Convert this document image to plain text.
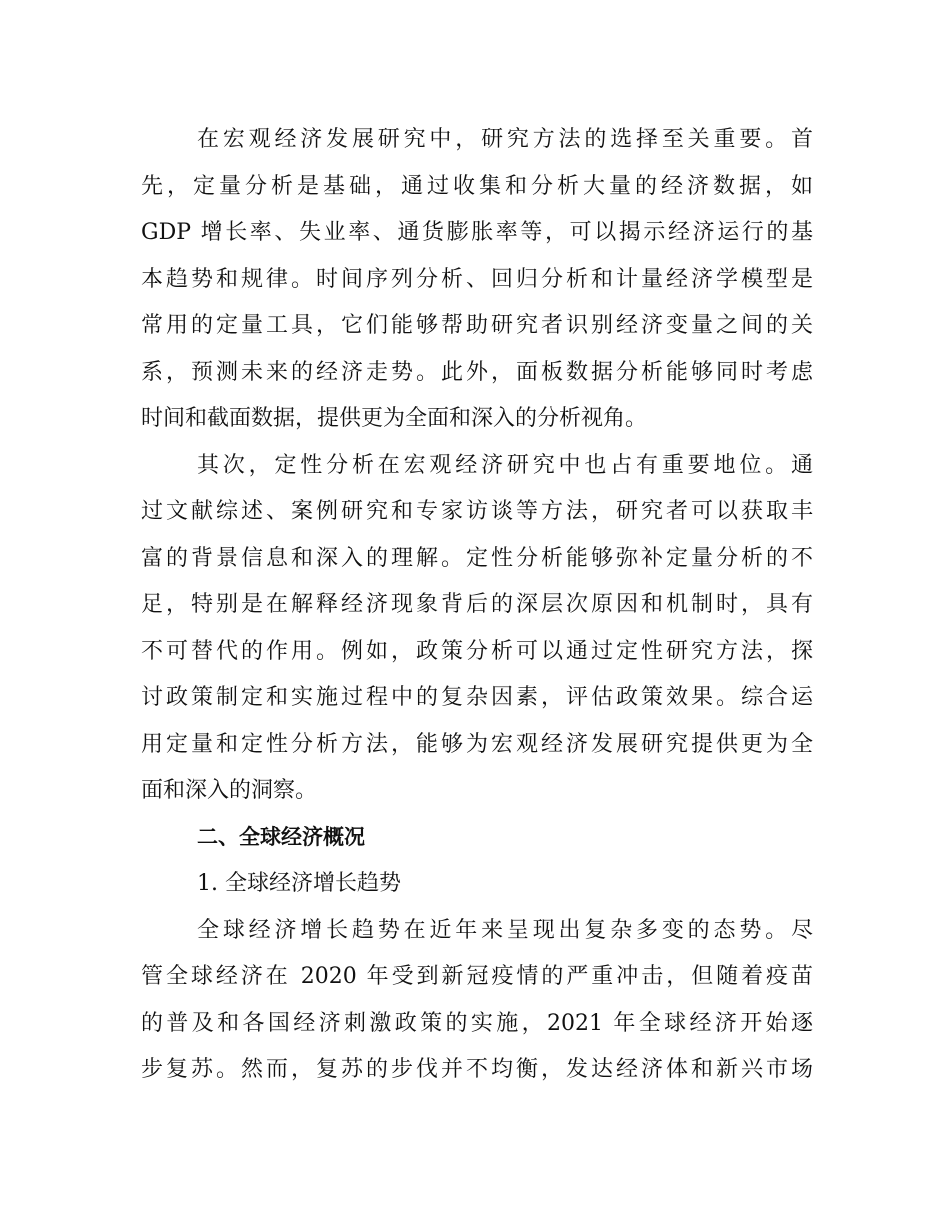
在宏观经济发展研究中，研究方法的选择至关重要。首
先，定量分析是基础，通过收集和分析大量的经济数据，如
GDP 增长率、失业率、通货膨胀率等，可以揭示经济运行的基
本趋势和规律。时间序列分析、回归分析和计量经济学模型是
常用的定量工具，它们能够帮助研究者识别经济变量之间的关
系，预测未来的经济走势。此外，面板数据分析能够同时考虑
时间和截面数据，提供更为全面和深入的分析视角。
其次，定性分析在宏观经济研究中也占有重要地位。通
过文献综述、案例研究和专家访谈等方法，研究者可以获取丰
富的背景信息和深入的理解。定性分析能够弥补定量分析的不
足，特别是在解释经济现象背后的深层次原因和机制时，具有
不可替代的作用。例如，政策分析可以通过定性研究方法，探
讨政策制定和实施过程中的复杂因素，评估政策效果。综合运
用定量和定性分析方法，能够为宏观经济发展研究提供更为全
面和深入的洞察。
二、全球经济概况
1. 全球经济增长趋势
全球经济增长趋势在近年来呈现出复杂多变的态势。尽
管全球经济在 2020 年受到新冠疫情的严重冲击，但随着疫苗
的普及和各国经济刺激政策的实施，2021 年全球经济开始逐
步复苏。然而，复苏的步伐并不均衡，发达经济体和新兴市场
